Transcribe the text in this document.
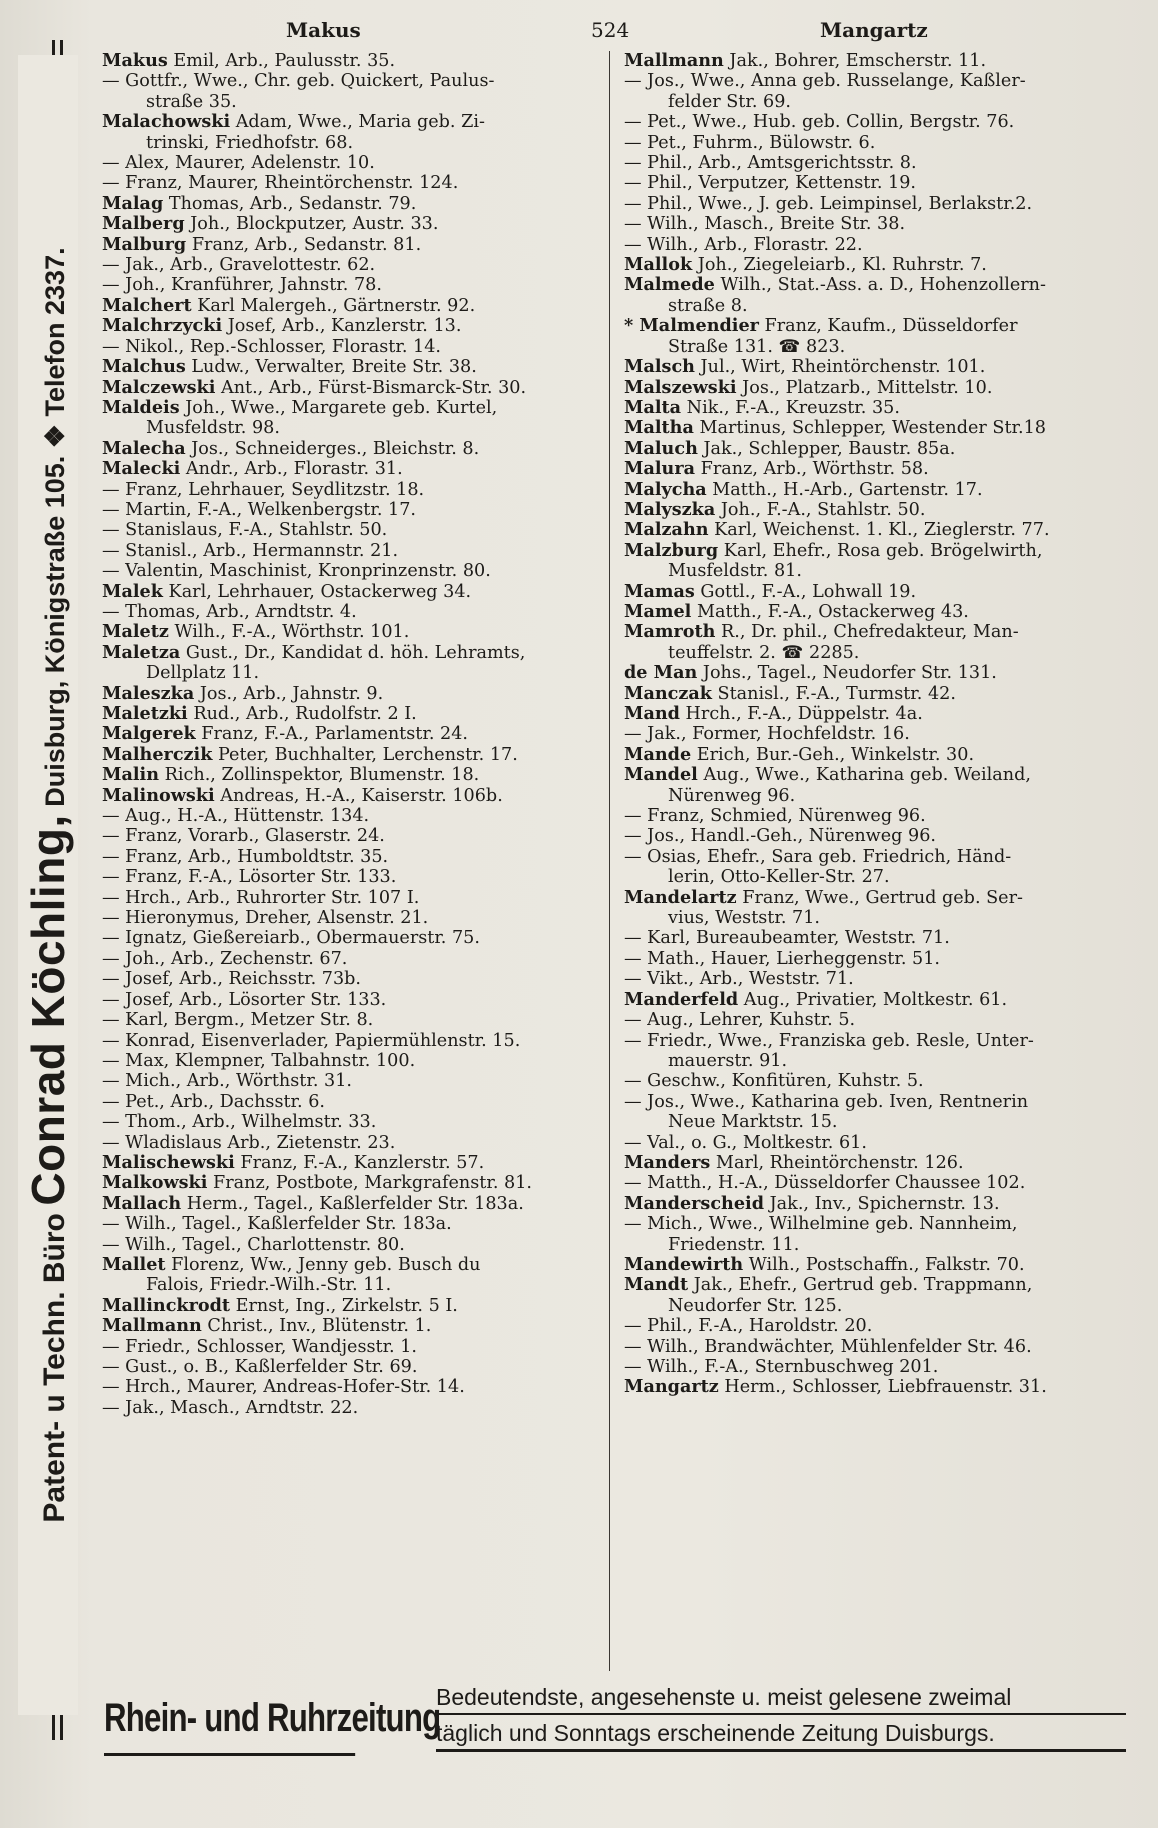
Patent- u Techn. Büro Conrad Köchling, Duisburg, Königstraße 105. ❖ Telefon 2337.
Makus	524	Mangartz
Makus Emil, Arb., Paulusstr. 35.
— Gottfr., Wwe., Chr. geb. Quickert, Paulus-
straße 35.
Malachowski Adam, Wwe., Maria geb. Zi-
trinski, Friedhofstr. 68.
— Alex, Maurer, Adelenstr. 10.
— Franz, Maurer, Rheintörchenstr. 124.
Malag Thomas, Arb., Sedanstr. 79.
Malberg Joh., Blockputzer, Austr. 33.
Malburg Franz, Arb., Sedanstr. 81.
— Jak., Arb., Gravelottestr. 62.
— Joh., Kranführer, Jahnstr. 78.
Malchert Karl Malergeh., Gärtnerstr. 92.
Malchrzycki Josef, Arb., Kanzlerstr. 13.
— Nikol., Rep.-Schlosser, Florastr. 14.
Malchus Ludw., Verwalter, Breite Str. 38.
Malczewski Ant., Arb., Fürst-Bismarck-Str. 30.
Maldeis Joh., Wwe., Margarete geb. Kurtel,
Musfeldstr. 98.
Malecha Jos., Schneiderges., Bleichstr. 8.
Malecki Andr., Arb., Florastr. 31.
— Franz, Lehrhauer, Seydlitzstr. 18.
— Martin, F.-A., Welkenbergstr. 17.
— Stanislaus, F.-A., Stahlstr. 50.
— Stanisl., Arb., Hermannstr. 21.
— Valentin, Maschinist, Kronprinzenstr. 80.
Malek Karl, Lehrhauer, Ostackerweg 34.
— Thomas, Arb., Arndtstr. 4.
Maletz Wilh., F.-A., Wörthstr. 101.
Maletza Gust., Dr., Kandidat d. höh. Lehramts,
Dellplatz 11.
Maleszka Jos., Arb., Jahnstr. 9.
Maletzki Rud., Arb., Rudolfstr. 2 I.
Malgerek Franz, F.-A., Parlamentstr. 24.
Malherczik Peter, Buchhalter, Lerchenstr. 17.
Malin Rich., Zollinspektor, Blumenstr. 18.
Malinowski Andreas, H.-A., Kaiserstr. 106b.
— Aug., H.-A., Hüttenstr. 134.
— Franz, Vorarb., Glaserstr. 24.
— Franz, Arb., Humboldtstr. 35.
— Franz, F.-A., Lösorter Str. 133.
— Hrch., Arb., Ruhrorter Str. 107 I.
— Hieronymus, Dreher, Alsenstr. 21.
— Ignatz, Gießereiarb., Obermauerstr. 75.
— Joh., Arb., Zechenstr. 67.
— Josef, Arb., Reichsstr. 73b.
— Josef, Arb., Lösorter Str. 133.
— Karl, Bergm., Metzer Str. 8.
— Konrad, Eisenverlader, Papiermühlenstr. 15.
— Max, Klempner, Talbahnstr. 100.
— Mich., Arb., Wörthstr. 31.
— Pet., Arb., Dachsstr. 6.
— Thom., Arb., Wilhelmstr. 33.
— Wladislaus Arb., Zietenstr. 23.
Malischewski Franz, F.-A., Kanzlerstr. 57.
Malkowski Franz, Postbote, Markgrafenstr. 81.
Mallach Herm., Tagel., Kaßlerfelder Str. 183a.
— Wilh., Tagel., Kaßlerfelder Str. 183a.
— Wilh., Tagel., Charlottenstr. 80.
Mallet Florenz, Ww., Jenny geb. Busch du
Falois, Friedr.-Wilh.-Str. 11.
Mallinckrodt Ernst, Ing., Zirkelstr. 5 I.
Mallmann Christ., Inv., Blütenstr. 1.
— Friedr., Schlosser, Wandjesstr. 1.
— Gust., o. B., Kaßlerfelder Str. 69.
— Hrch., Maurer, Andreas-Hofer-Str. 14.
— Jak., Masch., Arndtstr. 22.
Mallmann Jak., Bohrer, Emscherstr. 11.
— Jos., Wwe., Anna geb. Russelange, Kaßler-
felder Str. 69.
— Pet., Wwe., Hub. geb. Collin, Bergstr. 76.
— Pet., Fuhrm., Bülowstr. 6.
— Phil., Arb., Amtsgerichtsstr. 8.
— Phil., Verputzer, Kettenstr. 19.
— Phil., Wwe., J. geb. Leimpinsel, Berlakstr.2.
— Wilh., Masch., Breite Str. 38.
— Wilh., Arb., Florastr. 22.
Mallok Joh., Ziegeleiarb., Kl. Ruhrstr. 7.
Malmede Wilh., Stat.-Ass. a. D., Hohenzollern-
straße 8.
* Malmendier Franz, Kaufm., Düsseldorfer
Straße 131. ☎ 823.
Malsch Jul., Wirt, Rheintörchenstr. 101.
Malszewski Jos., Platzarb., Mittelstr. 10.
Malta Nik., F.-A., Kreuzstr. 35.
Maltha Martinus, Schlepper, Westender Str.18
Maluch Jak., Schlepper, Baustr. 85a.
Malura Franz, Arb., Wörthstr. 58.
Malycha Matth., H.-Arb., Gartenstr. 17.
Malyszka Joh., F.-A., Stahlstr. 50.
Malzahn Karl, Weichenst. 1. Kl., Zieglerstr. 77.
Malzburg Karl, Ehefr., Rosa geb. Brögelwirth,
Musfeldstr. 81.
Mamas Gottl., F.-A., Lohwall 19.
Mamel Matth., F.-A., Ostackerweg 43.
Mamroth R., Dr. phil., Chefredakteur, Man-
teuffelstr. 2. ☎ 2285.
de Man Johs., Tagel., Neudorfer Str. 131.
Manczak Stanisl., F.-A., Turmstr. 42.
Mand Hrch., F.-A., Düppelstr. 4a.
— Jak., Former, Hochfeldstr. 16.
Mande Erich, Bur.-Geh., Winkelstr. 30.
Mandel Aug., Wwe., Katharina geb. Weiland,
Nürenweg 96.
— Franz, Schmied, Nürenweg 96.
— Jos., Handl.-Geh., Nürenweg 96.
— Osias, Ehefr., Sara geb. Friedrich, Händ-
lerin, Otto-Keller-Str. 27.
Mandelartz Franz, Wwe., Gertrud geb. Ser-
vius, Weststr. 71.
— Karl, Bureaubeamter, Weststr. 71.
— Math., Hauer, Lierheggenstr. 51.
— Vikt., Arb., Weststr. 71.
Manderfeld Aug., Privatier, Moltkestr. 61.
— Aug., Lehrer, Kuhstr. 5.
— Friedr., Wwe., Franziska geb. Resle, Unter-
mauerstr. 91.
— Geschw., Konfitüren, Kuhstr. 5.
— Jos., Wwe., Katharina geb. Iven, Rentnerin
Neue Marktstr. 15.
— Val., o. G., Moltkestr. 61.
Manders Marl, Rheintörchenstr. 126.
— Matth., H.-A., Düsseldorfer Chaussee 102.
Manderscheid Jak., Inv., Spichernstr. 13.
— Mich., Wwe., Wilhelmine geb. Nannheim,
Friedenstr. 11.
Mandewirth Wilh., Postschaffn., Falkstr. 70.
Mandt Jak., Ehefr., Gertrud geb. Trappmann,
Neudorfer Str. 125.
— Phil., F.-A., Haroldstr. 20.
— Wilh., Brandwächter, Mühlenfelder Str. 46.
— Wilh., F.-A., Sternbuschweg 201.
Mangartz Herm., Schlosser, Liebfrauenstr. 31.
Rhein- und Ruhrzeitung
Bedeutendste, angesehenste u. meist gelesene zweimal
täglich und Sonntags erscheinende Zeitung Duisburgs.
